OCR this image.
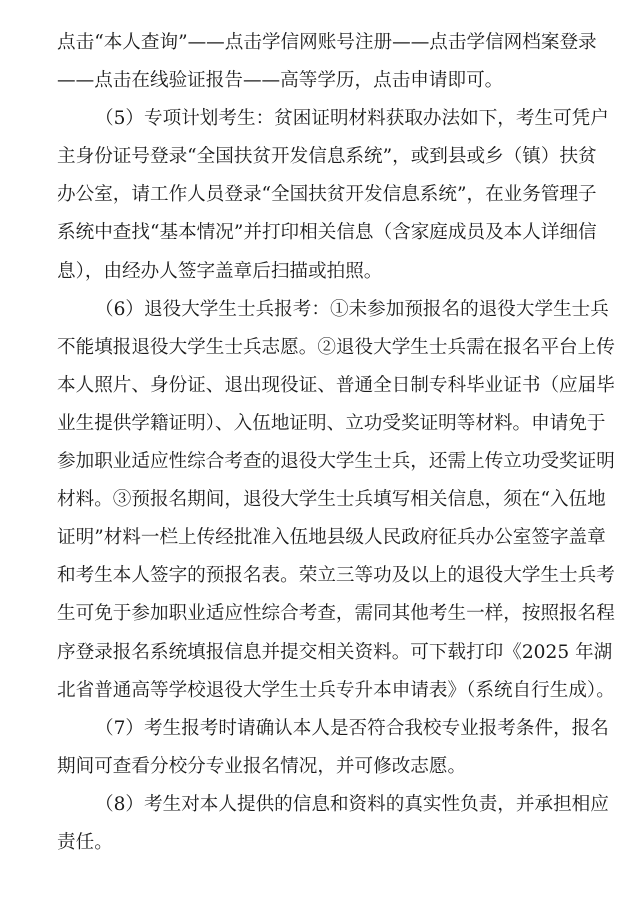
点击“本人查询”——点击学信网账号注册——点击学信网档案登录
——点击在线验证报告——高等学历，点击申请即可。
（5）专项计划考生：贫困证明材料获取办法如下，考生可凭户
主身份证号登录“全国扶贫开发信息系统”，或到县或乡（镇）扶贫
办公室，请工作人员登录“全国扶贫开发信息系统”，在业务管理子
系统中查找“基本情况”并打印相关信息（含家庭成员及本人详细信
息），由经办人签字盖章后扫描或拍照。
（6）退役大学生士兵报考：①未参加预报名的退役大学生士兵
不能填报退役大学生士兵志愿。②退役大学生士兵需在报名平台上传
本人照片、身份证、退出现役证、普通全日制专科毕业证书（应届毕
业生提供学籍证明）、入伍地证明、立功受奖证明等材料。申请免于
参加职业适应性综合考查的退役大学生士兵，还需上传立功受奖证明
材料。③预报名期间，退役大学生士兵填写相关信息，须在“入伍地
证明”材料一栏上传经批准入伍地县级人民政府征兵办公室签字盖章
和考生本人签字的预报名表。荣立三等功及以上的退役大学生士兵考
生可免于参加职业适应性综合考查，需同其他考生一样，按照报名程
序登录报名系统填报信息并提交相关资料。可下载打印《2025 年湖
北省普通高等学校退役大学生士兵专升本申请表》（系统自行生成）。
（7）考生报考时请确认本人是否符合我校专业报考条件，报名
期间可查看分校分专业报名情况，并可修改志愿。
（8）考生对本人提供的信息和资料的真实性负责，并承担相应
责任。
